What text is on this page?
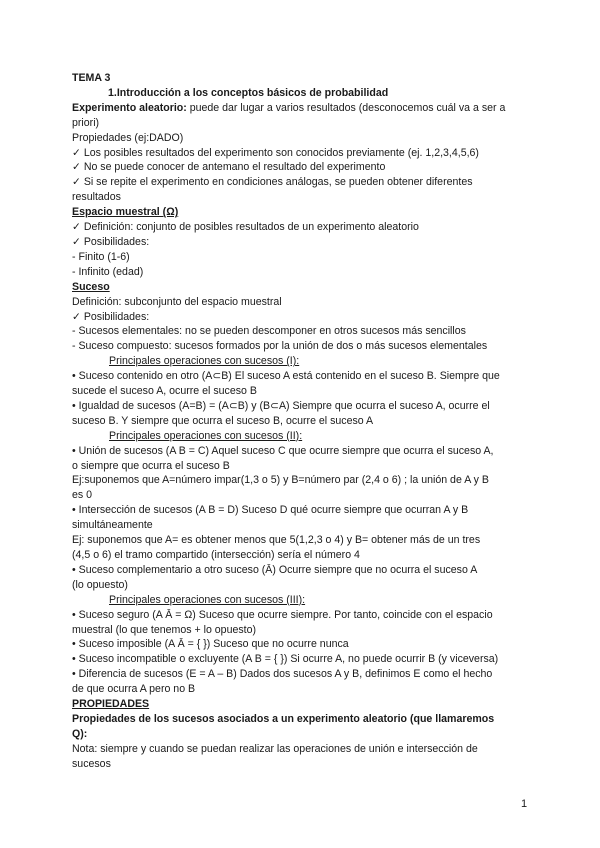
TEMA 3
1.Introducción a los conceptos básicos de probabilidad
Experimento aleatorio: puede dar lugar a varios resultados (desconocemos cuál va a ser a
priori)
Propiedades (ej:DADO)
✓ Los posibles resultados del experimento son conocidos previamente (ej. 1,2,3,4,5,6)
✓ No se puede conocer de antemano el resultado del experimento
✓ Si se repite el experimento en condiciones análogas, se pueden obtener diferentes
resultados
Espacio muestral (Ω)
✓ Definición: conjunto de posibles resultados de un experimento aleatorio
✓ Posibilidades:
- Finito (1-6)
- Infinito (edad)
Suceso
Definición: subconjunto del espacio muestral
✓ Posibilidades:
- Sucesos elementales: no se pueden descomponer en otros sucesos más sencillos
- Suceso compuesto: sucesos formados por la unión de dos o más sucesos elementales
Principales operaciones con sucesos (I):
• Suceso contenido en otro (A⊂B) El suceso A está contenido en el suceso B. Siempre que
sucede el suceso A, ocurre el suceso B
• Igualdad de sucesos (A=B) = (A⊂B) y (B⊂A) Siempre que ocurra el suceso A, ocurre el
suceso B. Y siempre que ocurra el suceso B, ocurre el suceso A
Principales operaciones con sucesos (II):
• Unión de sucesos (A B = C) Aquel suceso C que ocurre siempre que ocurra el suceso A,
o siempre que ocurra el suceso B
Ej:suponemos que A=número impar(1,3 o 5) y B=número par (2,4 o 6) ; la unión de A y B
es 0
• Intersección de sucesos (A B = D) Suceso D qué ocurre siempre que ocurran A y B
simultáneamente
Ej: suponemos que A= es obtener menos que 5(1,2,3 o 4) y B= obtener más de un tres
(4,5 o 6) el tramo compartido (intersección) sería el número 4
• Suceso complementario a otro suceso (Ā) Ocurre siempre que no ocurra el suceso A
(lo opuesto)
Principales operaciones con sucesos (III):
• Suceso seguro (A Ā = Ω) Suceso que ocurre siempre. Por tanto, coincide con el espacio
muestral (lo que tenemos + lo opuesto)
• Suceso imposible (A Ā = { }) Suceso que no ocurre nunca
• Suceso incompatible o excluyente (A B = { }) Si ocurre A, no puede ocurrir B (y viceversa)
• Diferencia de sucesos (E = A – B) Dados dos sucesos A y B, definimos E como el hecho
de que ocurra A pero no B
PROPIEDADES
Propiedades de los sucesos asociados a un experimento aleatorio (que llamaremos
Q):
Nota: siempre y cuando se puedan realizar las operaciones de unión e intersección de
sucesos
1
